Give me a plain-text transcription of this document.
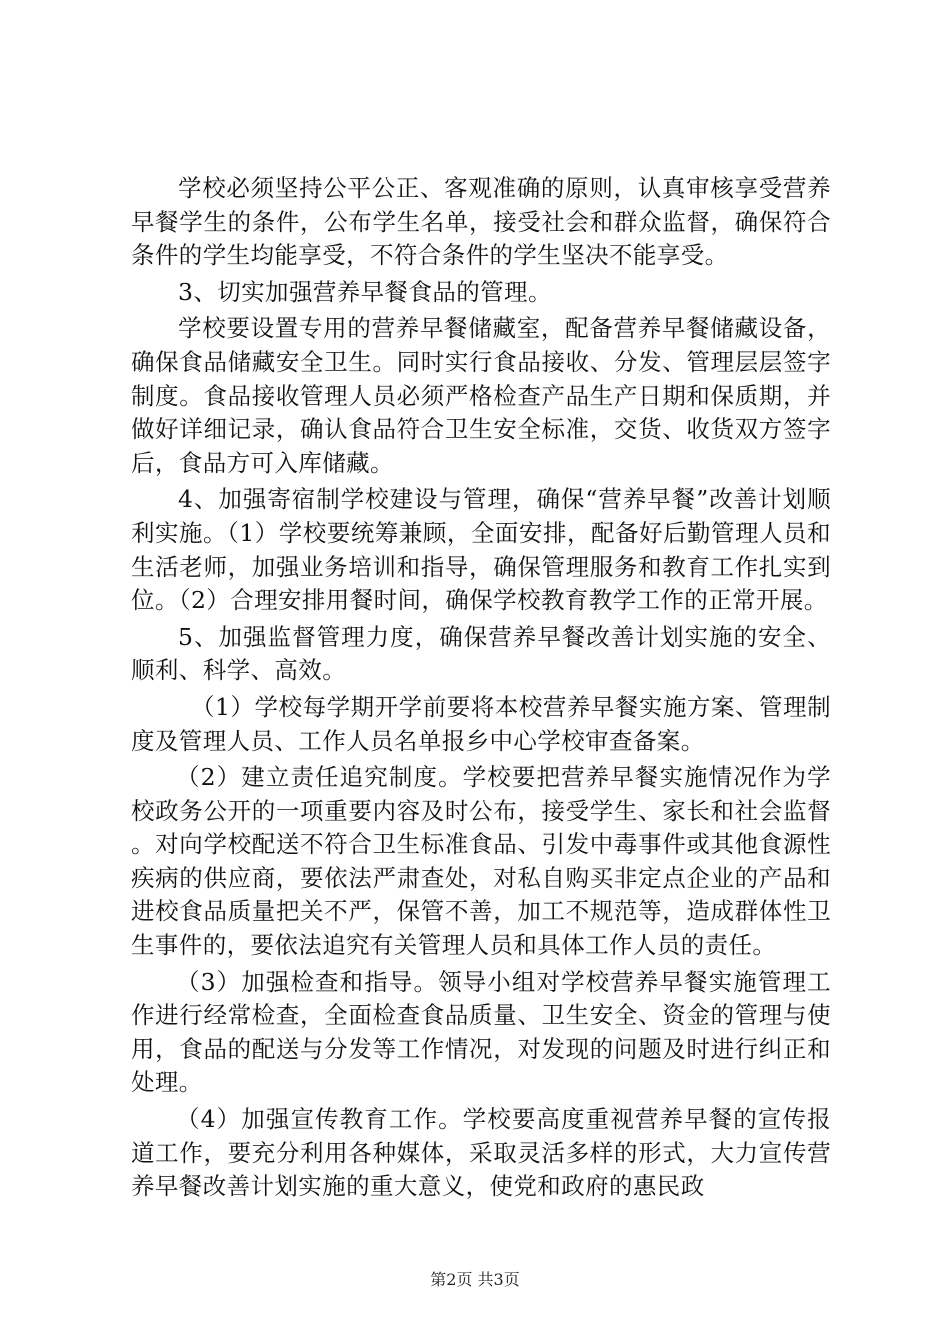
学校必须坚持公平公正、客观准确的原则，认真审核享受营养早餐学生的条件，公布学生名单，接受社会和群众监督，确保符合条件的学生均能享受，不符合条件的学生坚决不能享受。

3、切实加强营养早餐食品的管理。

学校要设置专用的营养早餐储藏室，配备营养早餐储藏设备，确保食品储藏安全卫生。同时实行食品接收、分发、管理层层签字制度。食品接收管理人员必须严格检查产品生产日期和保质期，并做好详细记录，确认食品符合卫生安全标准，交货、收货双方签字后，食品方可入库储藏。

4、加强寄宿制学校建设与管理，确保“营养早餐”改善计划顺利实施。（1）学校要统筹兼顾，全面安排，配备好后勤管理人员和生活老师，加强业务培训和指导，确保管理服务和教育工作扎实到位。（2）合理安排用餐时间，确保学校教育教学工作的正常开展。

5、加强监督管理力度，确保营养早餐改善计划实施的安全、顺利、科学、高效。

（1）学校每学期开学前要将本校营养早餐实施方案、管理制度及管理人员、工作人员名单报乡中心学校审查备案。

（2）建立责任追究制度。学校要把营养早餐实施情况作为学校政务公开的一项重要内容及时公布，接受学生、家长和社会监督。对向学校配送不符合卫生标准食品、引发中毒事件或其他食源性疾病的供应商，要依法严肃查处，对私自购买非定点企业的产品和进校食品质量把关不严，保管不善，加工不规范等，造成群体性卫生事件的，要依法追究有关管理人员和具体工作人员的责任。

（3）加强检查和指导。领导小组对学校营养早餐实施管理工作进行经常检查，全面检查食品质量、卫生安全、资金的管理与使用，食品的配送与分发等工作情况，对发现的问题及时进行纠正和处理。

（4）加强宣传教育工作。学校要高度重视营养早餐的宣传报道工作，要充分利用各种媒体，采取灵活多样的形式，大力宣传营养早餐改善计划实施的重大意义，使党和政府的惠民政

第2页 共3页
